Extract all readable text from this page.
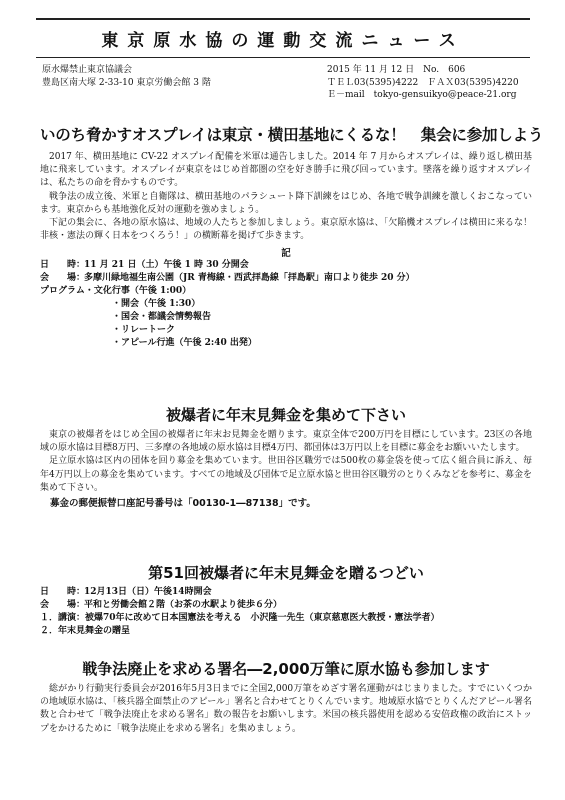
東京原水協の運動交流ニュース
原水爆禁止東京協議会	2015 年 11 月 12 日　No.　606
豊島区南大塚 2-33-10 東京労働会館 3 階	ＴＥＬ03(5395)4222　ＦＡＸ03(5395)4220
Ｅ－mail　tokyo-gensuikyo@peace-21.org
いのち脅かすオスプレイは東京・横田基地にくるな！　集会に参加しよう

2017 年、横田基地に CV-22 オスプレイ配備を米軍は通告しました。2014 年 7 月からオスプレイは、繰り返し横田基地に飛来しています。オスプレイが東京をはじめ首都圏の空を好き勝手に飛び回っています。墜落を繰り返すオスプレイは、私たちの命を脅かすものです。

戦争法の成立後、米軍と自衛隊は、横田基地のパラシュート降下訓練をはじめ、各地で戦争訓練を激しくおこなっています。東京からも基地強化反対の運動を強めましょう。

下記の集会に、各地の原水協は、地域の人たちと参加しましょう。東京原水協は、「欠陥機オスプレイは横田に来るな！　非核・憲法の輝く日本をつくろう！」の横断幕を掲げて歩きます。

記
日　　時：11 月 21 日（土）午後 1 時 30 分開会
会　　場：多摩川緑地福生南公園（JR 青梅線・西武拝島線「拝島駅」南口より徒歩 20 分）
プログラム・文化行事（午後 1:00）
・ 開会（午後 1:30）
・ 国会・都議会情勢報告
・ リレートーク
・ アピール行進（午後 2:40 出発）
被爆者に年末見舞金を集めて下さい

東京の被爆者をはじめ全国の被爆者に年末お見舞金を贈ります。東京全体で200万円を目標にしています。23区の各地域の原水協は目標8万円、三多摩の各地域の原水協は目標4万円、都団体は3万円以上を目標に募金をお願いいたします。

足立原水協は区内の団体を回り募金を集めています。世田谷区職労では500枚の募金袋を使って広く組合員に訴え、毎年4万円以上の募金を集めています。すべての地域及び団体で足立原水協と世田谷区職労のとりくみなどを参考に、募金を集めて下さい。

募金の郵便振替口座記号番号は「00130-1―87138」です。
第51回被爆者に年末見舞金を贈るつどい
日　　時：12月13日（日）午後14時開会
会　　場：平和と労働会館２階（お茶の水駅より徒歩６分）
１．講演：被爆70年に改めて日本国憲法を考える　小沢隆一先生（東京慈恵医大教授・憲法学者）
２．年末見舞金の贈呈
戦争法廃止を求める署名―2,000万筆に原水協も参加します

総がかり行動実行委員会が2016年5月3日までに全国2,000万筆をめざす署名運動がはじまりました。すでにいくつかの地域原水協は、「核兵器全面禁止のアピール」署名と合わせてとりくんでいます。地域原水協でとりくんだアピール署名数と合わせて「戦争法廃止を求める署名」数の報告をお願いします。米国の核兵器使用を認める安倍政権の政治にストップをかけるために「戦争法廃止を求める署名」を集めましょう。
